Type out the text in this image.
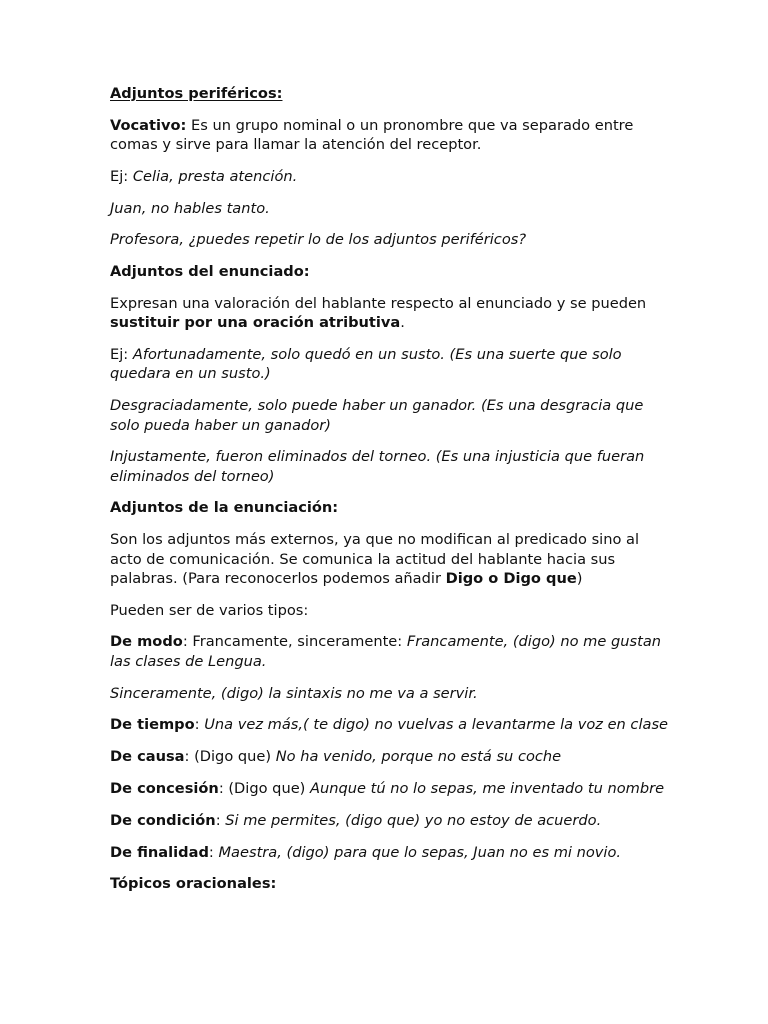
Adjuntos periféricos:

Vocativo: Es un grupo nominal o un pronombre que va separado entre comas y sirve para llamar la atención del receptor.

Ej: Celia, presta atención.

Juan, no hables tanto.

Profesora, ¿puedes repetir lo de los adjuntos periféricos?

Adjuntos del enunciado:

Expresan una valoración del hablante respecto al enunciado y se pueden sustituir por una oración atributiva.

Ej: Afortunadamente, solo quedó en un susto. (Es una suerte que solo quedara en un susto.)

Desgraciadamente, solo puede haber un ganador. (Es una desgracia que solo pueda haber un ganador)

Injustamente, fueron eliminados del torneo. (Es una injusticia que fueran eliminados del torneo)

Adjuntos de la enunciación:

Son los adjuntos más externos, ya que no modifican al predicado sino al acto de comunicación. Se comunica la actitud del hablante hacia sus palabras. (Para reconocerlos podemos añadir Digo o Digo que)

Pueden ser de varios tipos:

De modo: Francamente, sinceramente: Francamente, (digo) no me gustan las clases de Lengua.

Sinceramente, (digo) la sintaxis no me va a servir.

De tiempo: Una vez más,( te digo) no vuelvas a levantarme la voz en clase

De causa: (Digo que) No ha venido, porque no está su coche

De concesión: (Digo que) Aunque tú no lo sepas, me inventado tu nombre

De condición: Si me permites, (digo que) yo no estoy de acuerdo.

De finalidad: Maestra, (digo) para que lo sepas, Juan no es mi novio.

Tópicos oracionales:
